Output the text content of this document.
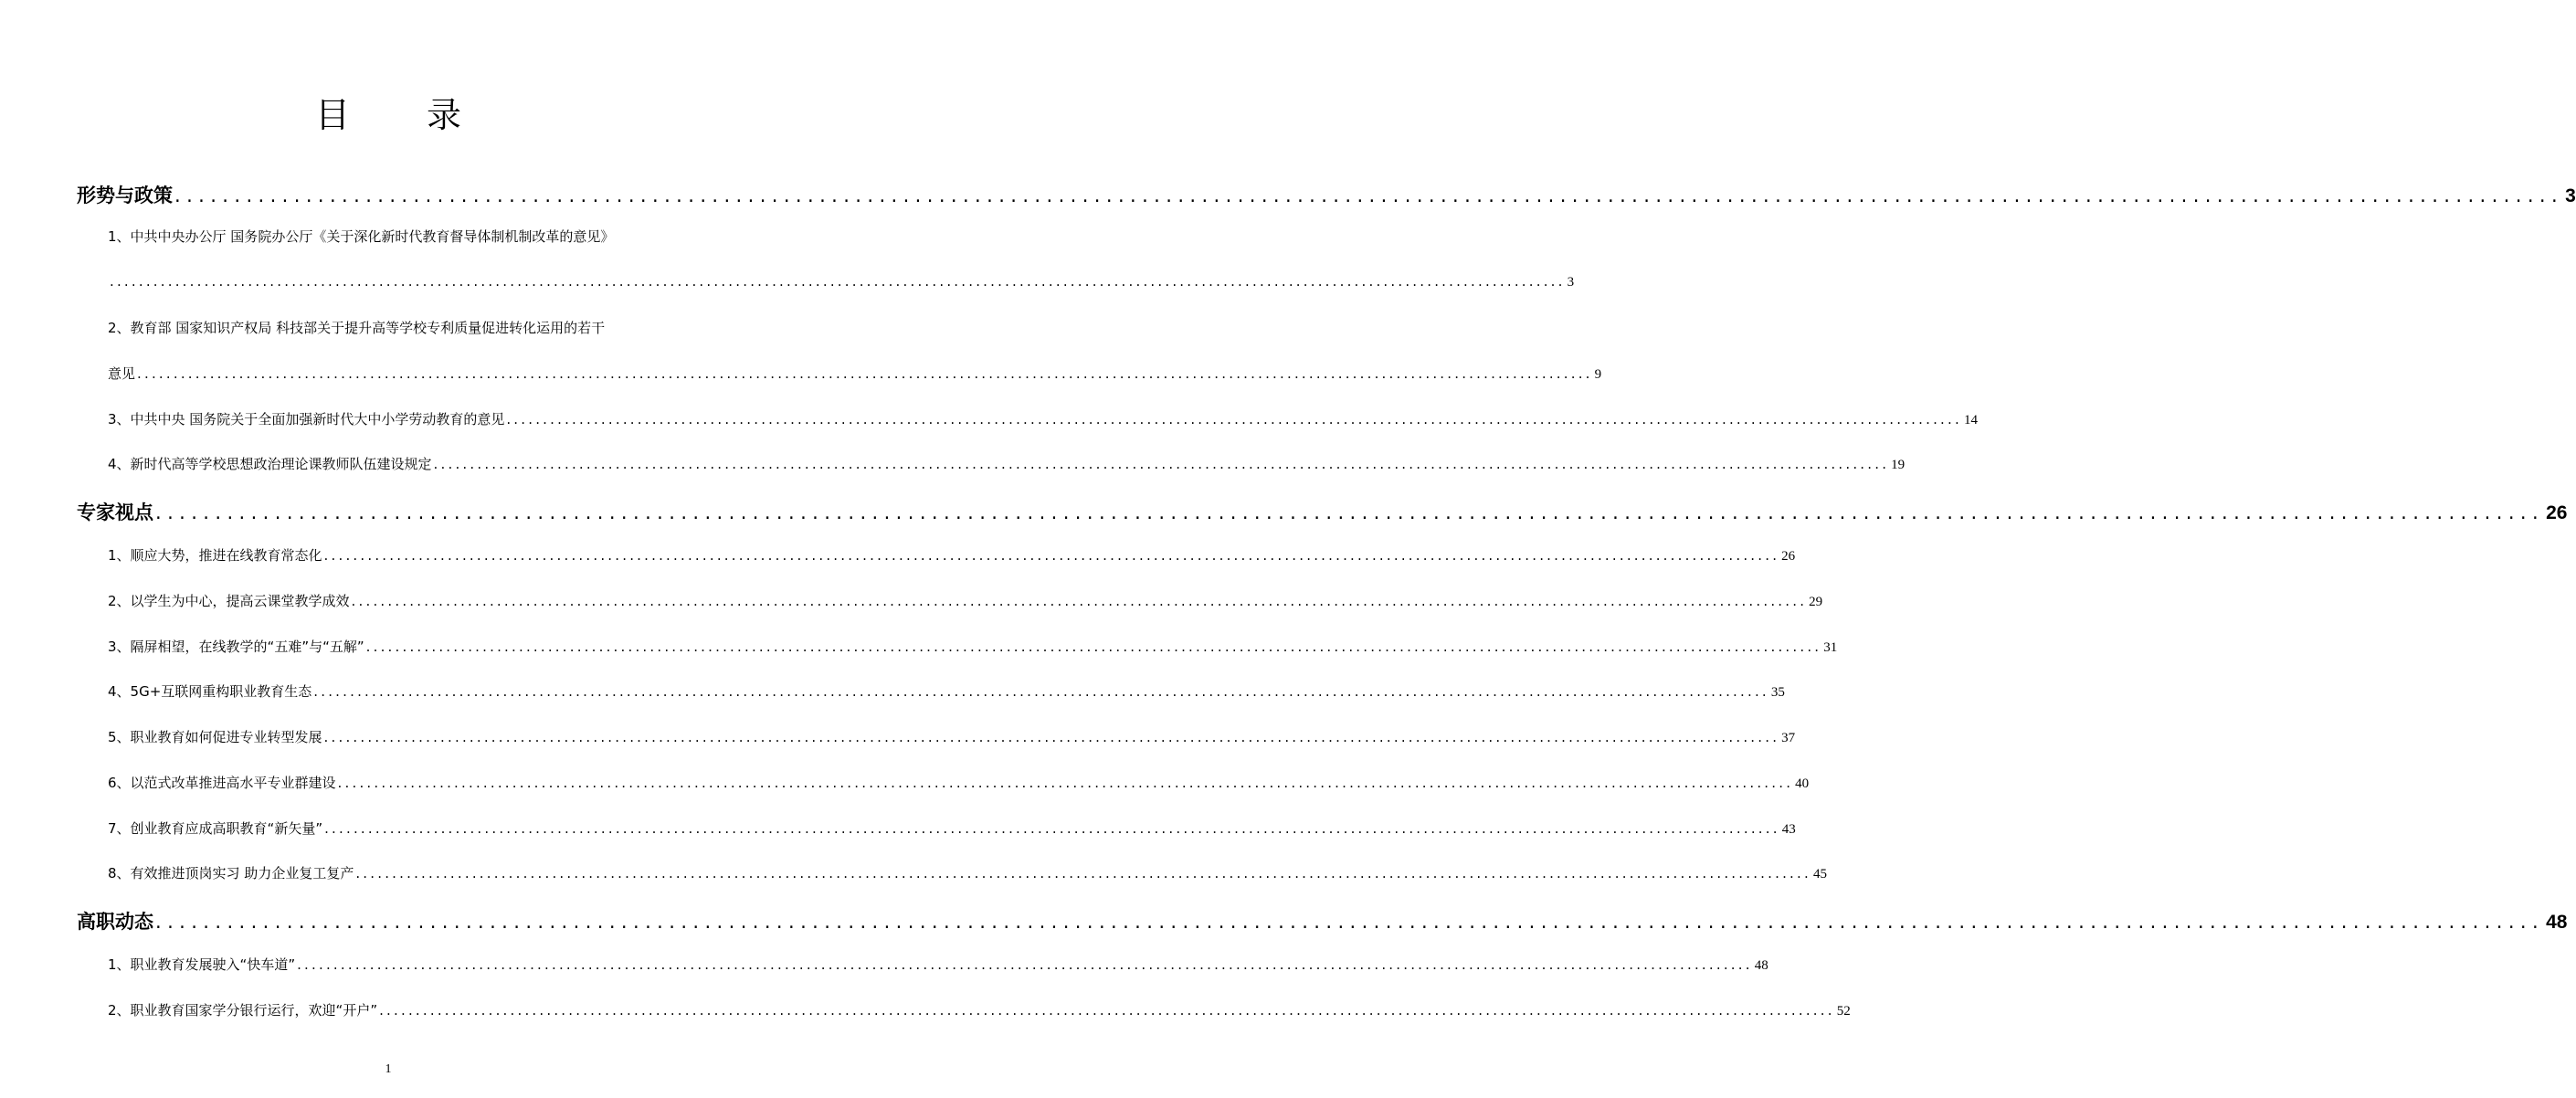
目 录
形势与政策 ........................................................................................................................................................................................................ 3
1、中共中央办公厅 国务院办公厅《关于深化新时代教育督导体制机制改革的意见》
........................................................................................................................................................................................................ 3
2、教育部 国家知识产权局 科技部关于提升高等学校专利质量促进转化运用的若干
意见 ........................................................................................................................................................................................................ 9
3、中共中央 国务院关于全面加强新时代大中小学劳动教育的意见 ........................................................................................................................................................................................................ 14
4、新时代高等学校思想政治理论课教师队伍建设规定 ........................................................................................................................................................................................................ 19
专家视点 ........................................................................................................................................................................................................ 26
1、顺应大势，推进在线教育常态化 ........................................................................................................................................................................................................ 26
2、以学生为中心，提高云课堂教学成效 ........................................................................................................................................................................................................ 29
3、隔屏相望，在线教学的“五难”与“五解” ........................................................................................................................................................................................................ 31
4、5G+互联网重构职业教育生态 ........................................................................................................................................................................................................ 35
5、职业教育如何促进专业转型发展 ........................................................................................................................................................................................................ 37
6、以范式改革推进高水平专业群建设 ........................................................................................................................................................................................................ 40
7、创业教育应成高职教育“新矢量” ........................................................................................................................................................................................................ 43
8、有效推进顶岗实习 助力企业复工复产 ........................................................................................................................................................................................................ 45
高职动态 ........................................................................................................................................................................................................ 48
1、职业教育发展驶入“快车道” ........................................................................................................................................................................................................ 48
2、职业教育国家学分银行运行，欢迎“开户” ........................................................................................................................................................................................................ 52
1
